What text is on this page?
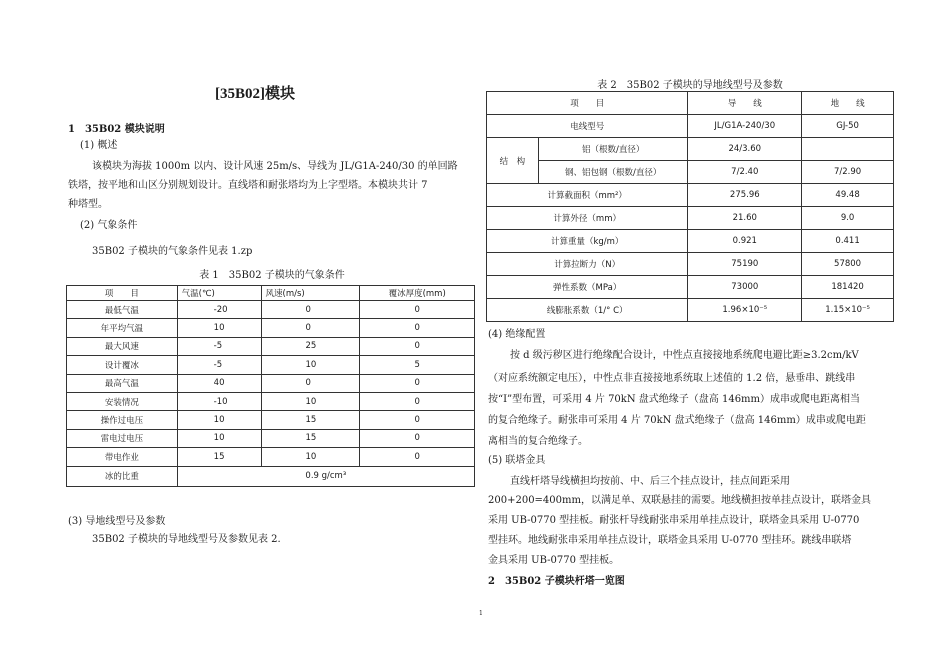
[35B02]模块
1　35B02 模块说明
(1) 概述
该模块为海拔 1000m 以内、设计风速 25m/s、导线为 JL/G1A-240/30 的单回路
铁塔，按平地和山区分别规划设计。直线塔和耐张塔均为上字型塔。本模块共计 7
种塔型。
(2) 气象条件
35B02 子模块的气象条件见表 1.zp
表 1　35B02 子模块的气象条件
项　　目	气温(℃)	风速(m/s)	覆冰厚度(mm)
最低气温	-20	0	0
年平均气温	10	0	0
最大风速	-5	25	0
设计覆冰	-5	10	5
最高气温	40	0	0
安装情况	-10	10	0
操作过电压	10	15	0
雷电过电压	10	15	0
带电作业	15	10	0
冰的比重	0.9 g/cm³		
(3) 导地线型号及参数
35B02 子模块的导地线型号及参数见表 2.
表 2　35B02 子模块的导地线型号及参数
项　　目		导　　线	地　　线
电线型号		JL/G1A-240/30	GJ-50
结　构	铝（根数/直径）	24/3.60	
	钢、铝包钢（根数/直径）	7/2.40	7/2.90
计算截面积（mm²）		275.96	49.48
计算外径（mm）		21.60	9.0
计算重量（kg/m）		0.921	0.411
计算拉断力（N）		75190	57800
弹性系数（MPa）		73000	181420
线膨胀系数（1/° C）		1.96×10⁻⁵	1.15×10⁻⁵
(4) 绝缘配置
按 d 级污秽区进行绝缘配合设计，中性点直接接地系统爬电避比距≥3.2cm/kV
（对应系统额定电压），中性点非直接接地系统取上述值的 1.2 倍，悬垂串、跳线串
按“I”型布置，可采用 4 片 70kN 盘式绝缘子（盘高 146mm）成串或爬电距离相当
的复合绝缘子。耐张串可采用 4 片 70kN 盘式绝缘子（盘高 146mm）成串或爬电距
离相当的复合绝缘子。
(5) 联塔金具
直线杆塔导线横担均按前、中、后三个挂点设计，挂点间距采用
200+200=400mm，以满足单、双联悬挂的需要。地线横担按单挂点设计，联塔金具
采用 UB-0770 型挂板。耐张杆导线耐张串采用单挂点设计，联塔金具采用 U-0770
型挂环。地线耐张串采用单挂点设计，联塔金具采用 U-0770 型挂环。跳线串联塔
金具采用 UB-0770 型挂板。
2　35B02 子模块杆塔一览图
1
